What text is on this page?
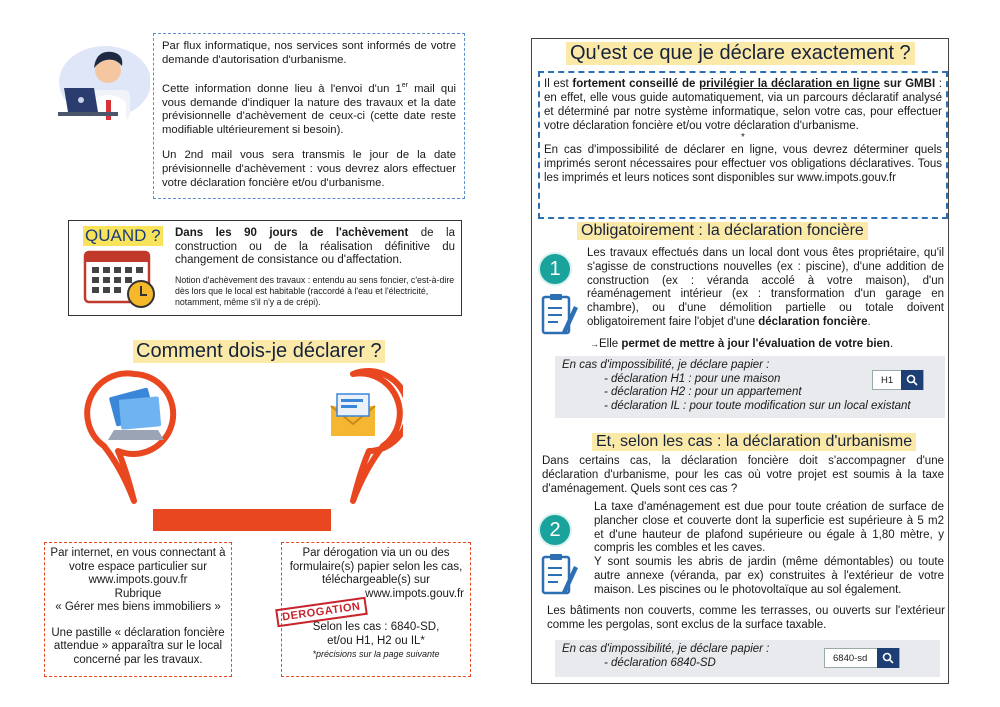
Par flux informatique, nos services sont informés de votre demande d'autorisation d'urbanisme.

Cette information donne lieu à l'envoi d'un 1er mail qui vous demande d'indiquer la nature des travaux et la date prévisionnelle d'achèvement de ceux-ci (cette date reste modifiable ultérieurement si besoin).

Un 2nd mail vous sera transmis le jour de la date prévisionnelle d'achèvement : vous devrez alors effectuer votre déclaration foncière et/ou d'urbanisme.

QUAND ? Dans les 90 jours de l'achèvement de la construction ou de la réalisation définitive du changement de consistance ou d'affectation.
Notion d'achèvement des travaux : entendu au sens foncier, c'est-à-dire dès lors que le local est habitable (raccordé à l'eau et l'électricité, notamment, même s'il n'y a de crépi).
Comment dois-je déclarer ?

Par internet, en vous connectant à votre espace particulier sur www.impots.gouv.fr

Rubrique

« Gérer mes biens immobiliers »

Une pastille « déclaration foncière attendue » apparaîtra sur le local concerné par les travaux.

Par dérogation via un ou des formulaire(s) papier selon les cas, téléchargeable(s) sur
www.impots.gouv.fr
Selon les cas : 6840-SD,
et/ou H1, H2 ou IL*
*précisions sur la page suivante
DEROGATION
Qu'est ce que je déclare exactement ?

Il est fortement conseillé de privilégier la déclaration en ligne sur GMBI : en effet, elle vous guide automatiquement, via un parcours déclaratif analysé et déterminé par notre système informatique, selon votre cas, pour effectuer votre déclaration foncière et/ou votre déclaration d'urbanisme.

*

En cas d'impossibilité de déclarer en ligne, vous devrez déterminer quels imprimés seront nécessaires pour effectuer vos obligations déclaratives. Tous les imprimés et leurs notices sont disponibles sur www.impots.gouv.fr

Obligatoirement : la déclaration foncière
1
Les travaux effectués dans un local dont vous êtes propriétaire, qu'il s'agisse de constructions nouvelles (ex : piscine), d'une addition de construction (ex : véranda accolé à votre maison), d'un réaménagement intérieur (ex : transformation d'un garage en chambre), ou d'une démolition partielle ou totale doivent obligatoirement faire l'objet d'une déclaration foncière.
→Elle permet de mettre à jour l'évaluation de votre bien.
En cas d'impossibilité, je déclare papier :
- déclaration H1 : pour une maison
- déclaration H2 : pour un appartement
- déclaration IL : pour toute modification sur un local existant
H1
Et, selon les cas : la déclaration d'urbanisme
Dans certains cas, la déclaration foncière doit s'accompagner d'une déclaration d'urbanisme, pour les cas où votre projet est soumis à la taxe d'aménagement. Quels sont ces cas ?
2
La taxe d'aménagement est due pour toute création de surface de plancher close et couverte dont la superficie est supérieure à 5 m2 et d'une hauteur de plafond supérieure ou égale à 1,80 mètre, y compris les combles et les caves.
Y sont soumis les abris de jardin (même démontables) ou toute autre annexe (véranda, par ex) construites à l'extérieur de votre maison. Les piscines ou le photovoltaïque au sol également.
Les bâtiments non couverts, comme les terrasses, ou ouverts sur l'extérieur comme les pergolas, sont exclus de la surface taxable.
En cas d'impossibilité, je déclare papier :
- déclaration 6840-SD	6840-sd
